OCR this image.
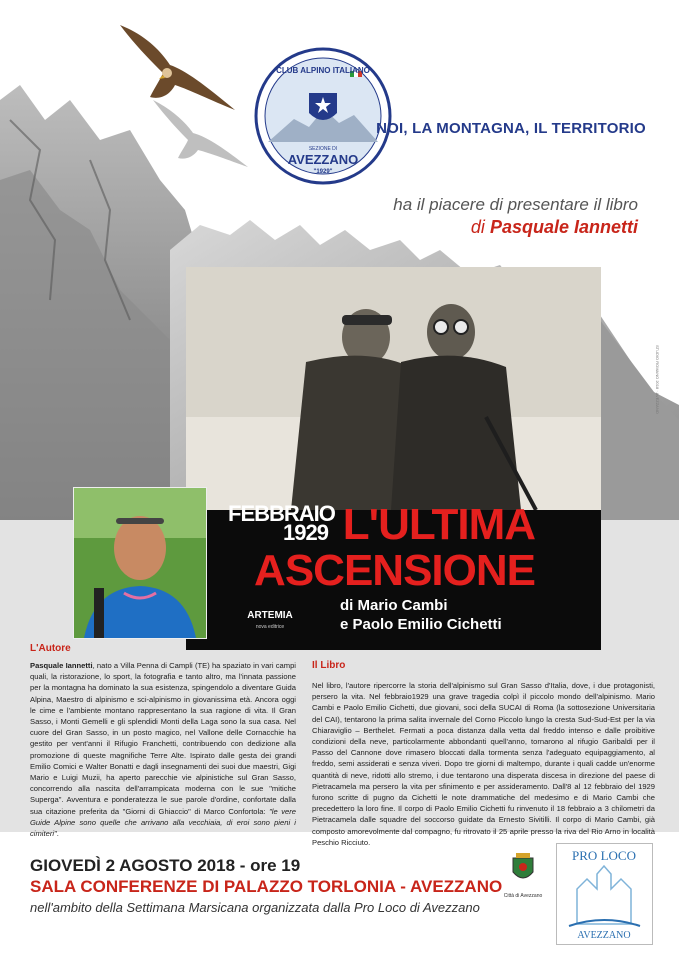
CLUB ALPINO ITALIANO
SEZIONE DI
AVEZZANO
"1929"
NOI, LA MONTAGNA, IL TERRITORIO
ha il piacere di presentare il libro
di Pasquale Iannetti
FEBBRAIO
1929 L'ULTIMA
ASCENSIONE
di Mario Cambi
e Paolo Emilio Cichetti
ARTEMIA
nova editrice
L'Autore
Pasquale Iannetti, nato a Villa Penna di Campli (TE) ha spaziato in vari campi quali, la ristorazione, lo sport, la fotografia e tanto altro, ma l'innata passione per la montagna ha dominato la sua esistenza, spingendolo a diventare Guida Alpina, Maestro di alpinismo e sci-alpinismo in giovanissima età. Ancora oggi le cime e l'ambiente montano rappresentano la sua ragione di vita. Il Gran Sasso, i Monti Gemelli e gli splendidi Monti della Laga sono la sua casa. Nel cuore del Gran Sasso, in un posto magico, nel Vallone delle Cornacchie ha gestito per vent'anni il Rifugio Franchetti, contribuendo con dedizione alla promozione di queste magnifiche Terre Alte. Ispirato dalle gesta dei grandi Emilio Comici e Walter Bonatti e dagli insegnamenti dei suoi due maestri, Gigi Mario e Luigi Muzii, ha aperto parecchie vie alpinistiche sul Gran Sasso, concorrendo alla nascita dell'arrampicata moderna con le sue "mitiche Superga". Avventura e ponderatezza le sue parole d'ordine, confortate dalla sua citazione preferita da "Giorni di Ghiaccio" di Marco Confortola: "le vere Guide Alpine sono quelle che arrivano alla vecchiaia, di eroi sono pieni i cimiteri".
Il Libro
Nel libro, l'autore ripercorre la storia dell'alpinismo sul Gran Sasso d'Italia, dove, i due protagonisti, persero la vita. Nel febbraio1929 una grave tragedia colpì il piccolo mondo dell'alpinismo. Mario Cambi e Paolo Emilio Cichetti, due giovani, soci della SUCAI di Roma (la sottosezione Universitaria del CAI), tentarono la prima salita invernale del Corno Piccolo lungo la cresta Sud-Sud-Est per la via Chiaraviglio – Berthelet. Fermati a poca distanza dalla vetta dal freddo intenso e dalle proibitive condizioni della neve, particolarmente abbondanti quell'anno, tornarono al rifugio Garibaldi per il Passo del Cannone dove rimasero bloccati dalla tormenta senza l'adeguato equipaggiamento, al freddo, semi assiderati e senza viveri. Dopo tre giorni di maltempo, durante i quali cadde un'enorme quantità di neve, ridotti allo stremo, i due tentarono una disperata discesa in direzione del paese di Pietracamela ma persero la vita per sfinimento e per assideramento. Dall'8 al 12 febbraio del 1929 furono scritte di pugno da Cichetti le note drammatiche del medesimo e di Mario Cambi che precedettero la loro fine. Il corpo di Paolo Emilio Cichetti fu rinvenuto il 18 febbraio a 3 chilometri da Pietracamela dalle squadre del soccorso guidate da Ernesto Sivitilli. Il corpo di Mario Cambi, già composto amorevolmente dal compagno, fu ritrovato il 25 aprile presso la riva del Rio Arno in località Peschio Ricciuto.
GIOVEDÌ 2 AGOSTO 2018 - ore 19
SALA CONFERENZE DI PALAZZO TORLONIA - AVEZZANO
nell'ambito della Settimana Marsicana organizzata dalla Pro Loco di Avezzano
Città di Avezzano
PRO LOCO
AVEZZANO
STUDIO ROMANO 2018 · AVEZZANO
